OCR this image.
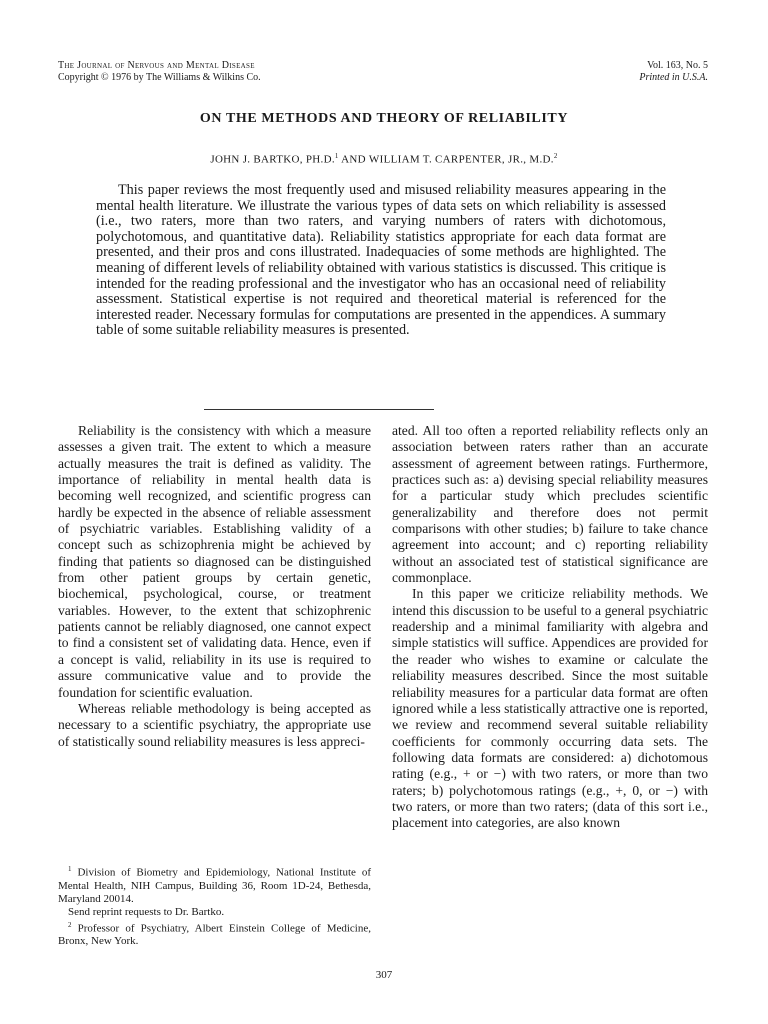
The Journal of Nervous and Mental Disease
Copyright © 1976 by The Williams & Wilkins Co.
Vol. 163, No. 5
Printed in U.S.A.
ON THE METHODS AND THEORY OF RELIABILITY
JOHN J. BARTKO, PH.D.$^1$ AND WILLIAM T. CARPENTER, JR., M.D.$^2$

This paper reviews the most frequently used and misused reliability measures appearing in the mental health literature. We illustrate the various types of data sets on which reliability is assessed (i.e., two raters, more than two raters, and varying numbers of raters with dichotomous, polychotomous, and quantitative data). Reliability statistics appropriate for each data format are presented, and their pros and cons illustrated. Inadequacies of some methods are highlighted. The meaning of different levels of reliability obtained with various statistics is discussed. This critique is intended for the reading professional and the investigator who has an occasional need of reliability assessment. Statistical expertise is not required and theoretical material is referenced for the interested reader. Necessary formulas for computations are presented in the appendices. A summary table of some suitable reliability measures is presented.

Reliability is the consistency with which a measure assesses a given trait. The extent to which a measure actually measures the trait is defined as validity. The importance of reliability in mental health data is becoming well recognized, and scientific progress can hardly be expected in the absence of reliable assessment of psychiatric variables. Establishing validity of a concept such as schizophrenia might be achieved by finding that patients so diagnosed can be distinguished from other patient groups by certain genetic, biochemical, psychological, course, or treatment variables. However, to the extent that schizophrenic patients cannot be reliably diagnosed, one cannot expect to find a consistent set of validating data. Hence, even if a concept is valid, reliability in its use is required to assure communicative value and to provide the foundation for scientific evaluation.

Whereas reliable methodology is being accepted as necessary to a scientific psychiatry, the appropriate use of statistically sound reliability measures is less appreci-

$^1$ Division of Biometry and Epidemiology, National Institute of Mental Health, NIH Campus, Building 36, Room 1D-24, Bethesda, Maryland 20014.

Send reprint requests to Dr. Bartko.

$^2$ Professor of Psychiatry, Albert Einstein College of Medicine, Bronx, New York.

ated. All too often a reported reliability reflects only an association between raters rather than an accurate assessment of agreement between ratings. Furthermore, practices such as: a) devising special reliability measures for a particular study which precludes scientific generalizability and therefore does not permit comparisons with other studies; b) failure to take chance agreement into account; and c) reporting reliability without an associated test of statistical significance are commonplace.

In this paper we criticize reliability methods. We intend this discussion to be useful to a general psychiatric readership and a minimal familiarity with algebra and simple statistics will suffice. Appendices are provided for the reader who wishes to examine or calculate the reliability measures described. Since the most suitable reliability measures for a particular data format are often ignored while a less statistically attractive one is reported, we review and recommend several suitable reliability coefficients for commonly occurring data sets. The following data formats are considered: a) dichotomous rating (e.g., + or −) with two raters, or more than two raters; b) polychotomous ratings (e.g., +, 0, or −) with two raters, or more than two raters; (data of this sort i.e., placement into categories, are also known

307
